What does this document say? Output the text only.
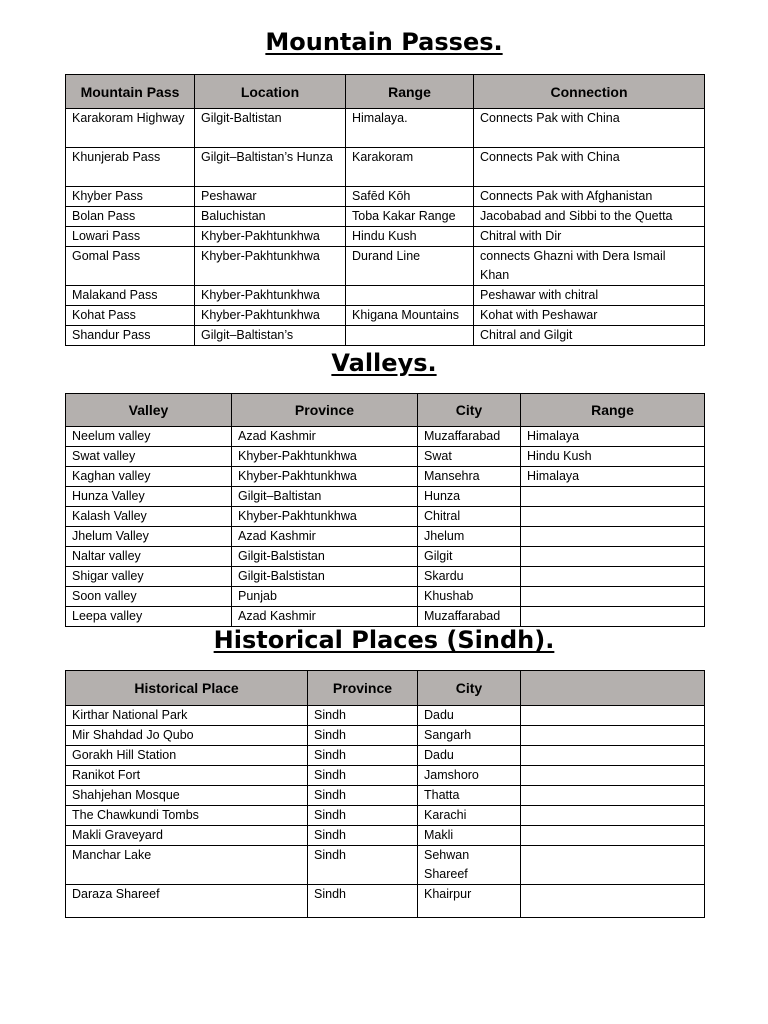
Mountain Passes.
Mountain Pass	Location	Range	Connection
Karakoram Highway	Gilgit-Baltistan	Himalaya.	Connects Pak with China
Khunjerab Pass	Gilgit–Baltistan’s Hunza	Karakoram	Connects Pak with China
Khyber Pass	Peshawar	Safēd Kōh	Connects Pak with Afghanistan
Bolan Pass	Baluchistan	Toba Kakar Range	Jacobabad and Sibbi to the Quetta
Lowari Pass	Khyber-Pakhtunkhwa	Hindu Kush	Chitral with Dir
Gomal Pass	Khyber-Pakhtunkhwa	Durand Line	connects Ghazni with Dera Ismail Khan
Malakand Pass	Khyber-Pakhtunkhwa		Peshawar with chitral
Kohat Pass	Khyber-Pakhtunkhwa	Khigana Mountains	Kohat with Peshawar
Shandur Pass	Gilgit–Baltistan’s		Chitral and Gilgit
Valleys.
Valley	Province	City	Range
Neelum valley	Azad Kashmir	Muzaffarabad	Himalaya
Swat valley	Khyber-Pakhtunkhwa	Swat	Hindu Kush
Kaghan valley	Khyber-Pakhtunkhwa	Mansehra	Himalaya
Hunza Valley	Gilgit–Baltistan	Hunza	
Kalash Valley	Khyber-Pakhtunkhwa	Chitral	
Jhelum Valley	Azad Kashmir	Jhelum	
Naltar valley	Gilgit-Balstistan	Gilgit	
Shigar valley	Gilgit-Balstistan	Skardu	
Soon valley	Punjab	Khushab	
Leepa valley	Azad Kashmir	Muzaffarabad	
Historical Places (Sindh).
Historical Place	Province	City	
Kirthar National Park	Sindh	Dadu	
Mir Shahdad Jo Qubo	Sindh	Sangarh	
Gorakh Hill Station	Sindh	Dadu	
Ranikot Fort	Sindh	Jamshoro	
Shahjehan Mosque	Sindh	Thatta	
The Chawkundi Tombs	Sindh	Karachi	
Makli Graveyard	Sindh	Makli	
Manchar Lake	Sindh	Sehwan Shareef	
Daraza Shareef	Sindh	Khairpur	
